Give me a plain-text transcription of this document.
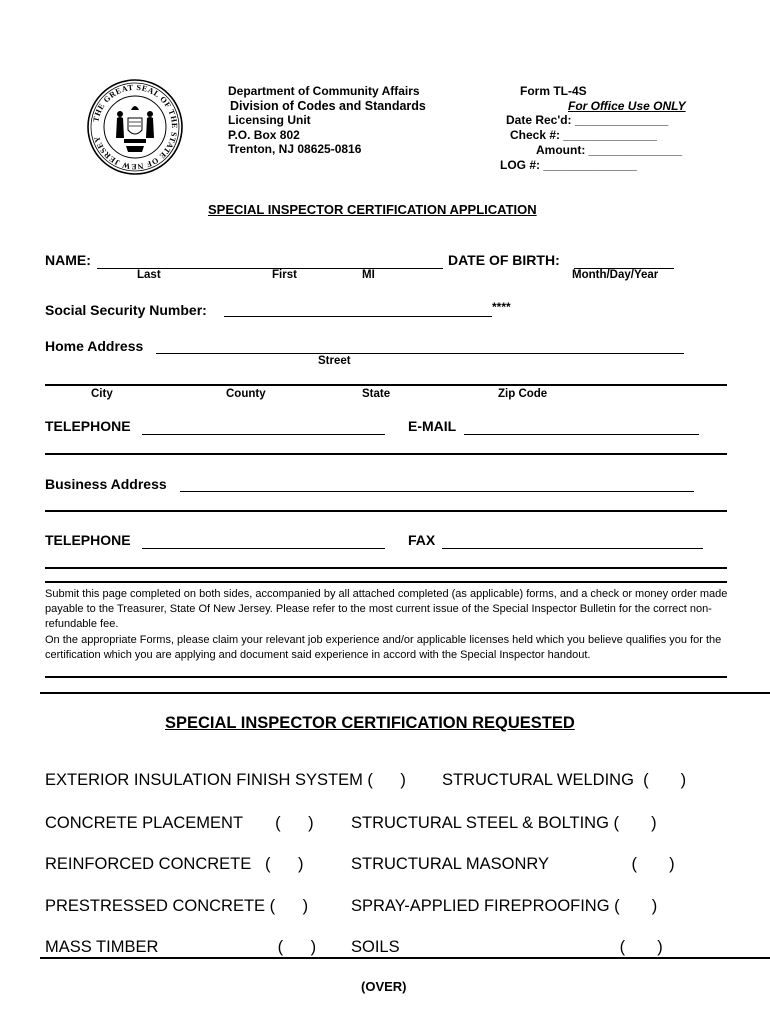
THE GREAT SEAL OF THE STATE OF NEW JERSEY
Department of Community Affairs
Division of Codes and Standards
Licensing Unit
P.O. Box 802
Trenton, NJ 08625-0816
Form TL-4S
For Office Use ONLY
Date Rec'd: ______________
Check #: ______________
Amount: ______________
LOG #: ______________
SPECIAL INSPECTOR CERTIFICATION APPLICATION
NAME:	DATE OF BIRTH:
Last	First	MI	Month/Day/Year
Social Security Number:	****
Home Address
Street
City	County	State	Zip Code
TELEPHONE	E-MAIL
Business Address
TELEPHONE	FAX
Submit this page completed on both sides, accompanied by all attached completed (as applicable) forms, and a check or money order made payable to the Treasurer, State Of New Jersey. Please refer to the most current issue of the Special Inspector Bulletin for the correct non-refundable fee.
On the appropriate Forms, please claim your relevant job experience and/or applicable licenses held which you believe qualifies you for the certification which you are applying and document said experience in accord with the Special Inspector handout.
SPECIAL INSPECTOR CERTIFICATION REQUESTED
EXTERIOR INSULATION FINISH SYSTEM (      ) STRUCTURAL WELDING  (       )
CONCRETE PLACEMENT       (      ) STRUCTURAL STEEL & BOLTING (       )
REINFORCED CONCRETE   (      )	STRUCTURAL MASONRY                  (       )
PRESTRESSED CONCRETE (      )	SPRAY-APPLIED FIREPROOFING (       )
MASS TIMBER                          (      ) SOILS                                                (       )
(OVER)
